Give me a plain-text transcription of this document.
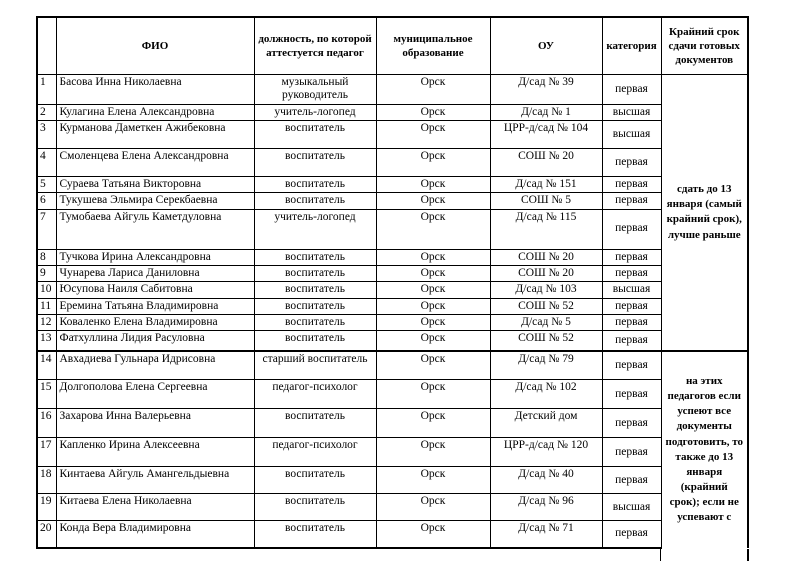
	ФИО	должность, по которой аттестуется педагог	муниципальное образование	ОУ	категория	Крайний срок сдачи готовых документов
1	Басова Инна Николаевна	музыкальный руководитель	Орск	Д/сад № 39	первая	сдать до 13 января (самый крайний срок), лучше раньше
2	Кулагина Елена Александровна	учитель-логопед	Орск	Д/сад № 1	высшая	
3	Курманова Даметкен Ажибековна	воспитатель	Орск	ЦРР-д/сад № 104	высшая	
4	Смоленцева Елена Александровна	воспитатель	Орск	СОШ № 20	первая	
5	Сураева Татьяна Викторовна	воспитатель	Орск	Д/сад № 151	первая	
6	Тукушева Эльмира Серекбаевна	воспитатель	Орск	СОШ № 5	первая	
7	Тумобаева Айгуль Каметдуловна	учитель-логопед	Орск	Д/сад № 115	первая	
8	Тучкова Ирина Александровна	воспитатель	Орск	СОШ № 20	первая	
9	Чунарева Лариса Даниловна	воспитатель	Орск	СОШ № 20	первая	
10	Юсупова Наиля Сабитовна	воспитатель	Орск	Д/сад № 103	высшая	
11	Еремина Татьяна Владимировна	воспитатель	Орск	СОШ № 52	первая	
12	Коваленко Елена Владимировна	воспитатель	Орск	Д/сад № 5	первая	
13	Фатхуллина Лидия Расуловна	воспитатель	Орск	СОШ № 52	первая	
14	Авхадиева Гульнара Идрисовна	старший воспитатель	Орск	Д/сад № 79	первая	на этих педагогов если успеют все документы подготовить, то также до 13 января (крайний срок); если не успевают с
15	Долгополова Елена Сергеевна	педагог-психолог	Орск	Д/сад № 102	первая	
16	Захарова Инна Валерьевна	воспитатель	Орск	Детский дом	первая	
17	Капленко Ирина Алексеевна	педагог-психолог	Орск	ЦРР-д/сад № 120	первая	
18	Кинтаева Айгуль Амангельдыевна	воспитатель	Орск	Д/сад № 40	первая	
19	Китаева Елена Николаевна	воспитатель	Орск	Д/сад № 96	высшая	
20	Конда Вера Владимировна	воспитатель	Орск	Д/сад № 71	первая	
